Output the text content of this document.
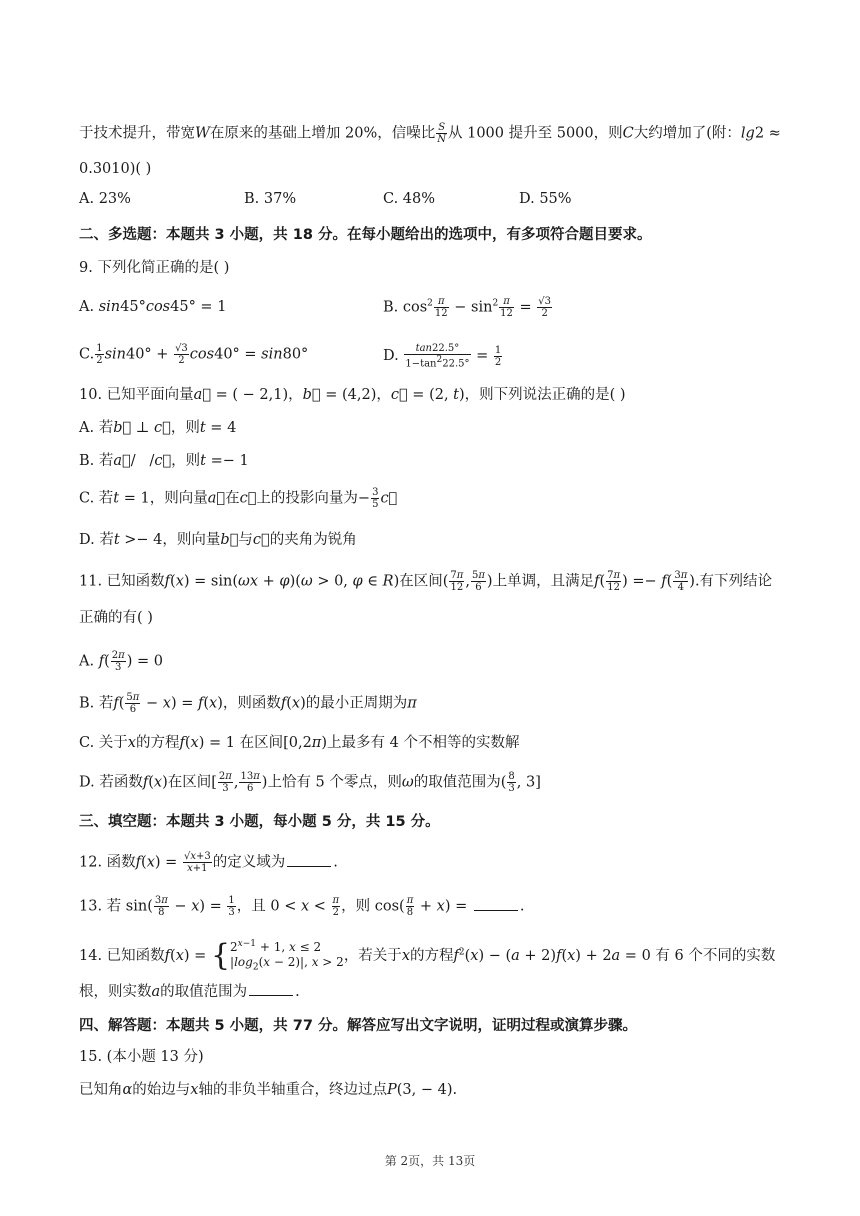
于技术提升，带宽W在原来的基础上增加 20%，信噪比 $\frac{S}{N}$ 从 1000 提升至 5000，则C大约增加了(附：lg2 ≈
0.3010)( )
A. 23%	B. 37%	C. 48%	D. 55%
二、多选题：本题共 3 小题，共 18 分。在每小题给出的选项中，有多项符合题目要求。
9. 下列化简正确的是( )
A. sin45°cos45° = 1	B. $\cos^2 \frac{\pi}{12} - \sin^2 \frac{\pi}{12} = \frac{√3}{2}$
C. $\frac{1}{2} \sin 40^\circ + \frac{√3}{2} \cos 40^\circ = \sin 80^\circ$	D. $\frac{\tan 22.5^\circ}{1-\tan^222.5^\circ} = \frac{1}{2}$
10. 已知平面向量a⃗ = ( − 2,1)，b⃗ = (4,2)，c⃗ = (2, t)，则下列说法正确的是( )
A. 若b⃗ ⊥ c⃗，则t = 4
B. 若a⃗/   /c⃗，则t =− 1
C. 若t = 1，则向量a⃗在c⃗上的投影向量为− $\frac{3}{5}$ c⃗
D. 若t >− 4，则向量b⃗与c⃗的夹角为锐角
11. 已知函数f(x) = sin(ωx + φ)(ω > 0, φ ∈ R)在区间( $\frac{7\pi}{12}$ , $\frac{5\pi}{6}$ )上单调，且满足$f( \frac{7\pi}{12}$ ) =− $f( \frac{3\pi}{4}$ ).有下列结论
正确的有( )
A. $f( \frac{2\pi}{3}$ ) = 0
B. 若$f( \frac{5\pi}{6} - x) = f(x)$，则函数f(x)的最小正周期为π
C. 关于x的方程f(x) = 1 在区间[0,2π)上最多有 4 个不相等的实数解
D. 若函数f(x)在区间[ $\frac{2\pi}{3}$ , $\frac{13\pi}{6}$ )上恰有 5 个零点，则ω的取值范围为( $\frac{8}{3}$ , 3]
三、填空题：本题共 3 小题，每小题 5 分，共 15 分。
12. 函数$f(x) = \frac{√x+3}{x+1}$ 的定义域为	.
13. 若 $\sin( \frac{3\pi}{8} - x) = \frac{1}{3}$ ，且 $0 < x < \frac{\pi}{2}$ ，则 $\cos( \frac{\pi}{8} + x)$ =	.
14. 已知函数f(x) = { $2^{x-1} + 1$, x ≤ 2
$|\log_2(x - 2)|$, x > 2 ，若关于x的方程$f^2(x) - (a + 2)f(x) + 2a = 0$ 有 6 个不同的实数
根，则实数a的取值范围为	.
四、解答题：本题共 5 小题，共 77 分。解答应写出文字说明，证明过程或演算步骤。
15. (本小题 13 分)
已知角α的始边与x轴的非负半轴重合，终边过点P(3, − 4).
第 2页，共 13页
